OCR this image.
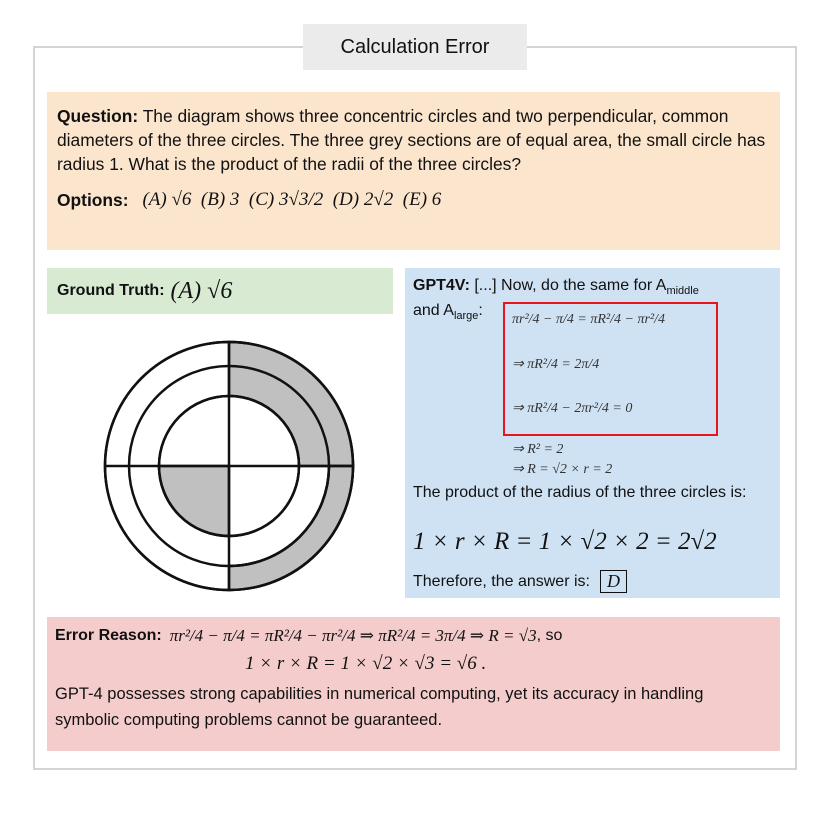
Calculation Error
Question: The diagram shows three concentric circles and two perpendicular, common diameters of the three circles. The three grey sections are of equal area, the small circle has radius 1. What is the product of the radii of the three circles?
Options: (A) √6  (B) 3  (C) 3√3/2  (D) 2√2  (E) 6
Ground Truth: (A) √6	GPT4V: [...] Now, do the same for $A_{middle}$
and $A_{large}$:
πr²/4 − π/4 = πR²/4 − πr²/4
⇒ πR²/4 = 2π/4
⇒ πR²/4 − 2πr²/4 = 0
⇒ R² = 2
⇒ R = √2 × r = 2
The product of the radius of the three circles is:
1 × r × R = 1 × √2 × 2 = 2√2
Therefore, the answer is: D
Error Reason: πr²/4 − π/4 = πR²/4 − πr²/4 ⇒ πR²/4 = 3π/4 ⇒ R = √3 , so
1 × r × R = 1 × √2 × √3 = √6 .
GPT-4 possesses strong capabilities in numerical computing, yet its accuracy in handling symbolic computing problems cannot be guaranteed.
